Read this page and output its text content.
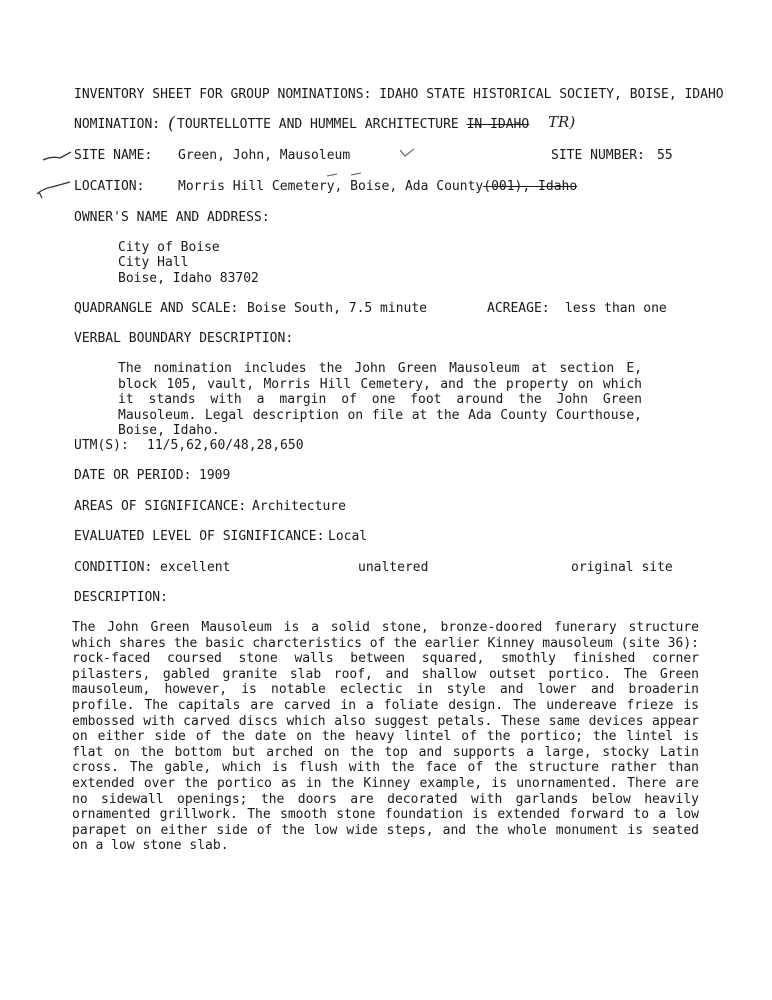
INVENTORY SHEET FOR GROUP NOMINATIONS: IDAHO STATE HISTORICAL SOCIETY, BOISE, IDAHO
NOMINATION: ( TOURTELLOTTE AND HUMMEL ARCHITECTURE IN IDAHO TR)
SITE NAME: Green, John, Mausoleum	SITE NUMBER: 55
LOCATION:	Morris Hill Cemetery, Boise, Ada County(001), Idaho
OWNER'S NAME AND ADDRESS:
City of Boise
City Hall
Boise, Idaho 83702
QUADRANGLE AND SCALE: Boise South, 7.5 minute	ACREAGE: less than one
VERBAL BOUNDARY DESCRIPTION:
The nomination includes the John Green Mausoleum at section E, block 105, vault, Morris Hill Cemetery, and the property on which it stands with a margin of one foot around the John Green Mausoleum. Legal description on file at the Ada County Courthouse, Boise, Idaho.
UTM(S): 11/5,62,60/48,28,650
DATE OR PERIOD: 1909
AREAS OF SIGNIFICANCE: Architecture
EVALUATED LEVEL OF SIGNIFICANCE: Local
CONDITION: excellent	unaltered	original site
DESCRIPTION:
The John Green Mausoleum is a solid stone, bronze-doored funerary structure which shares the basic charcteristics of the earlier Kinney mausoleum (site 36): rock-faced coursed stone walls between squared, smothly finished corner pilasters, gabled granite slab roof, and shallow outset portico. The Green mausoleum, however, is notable eclectic in style and lower and broaderin profile. The capitals are carved in a foliate design. The undereave frieze is embossed with carved discs which also suggest petals. These same devices appear on either side of the date on the heavy lintel of the portico; the lintel is flat on the bottom but arched on the top and supports a large, stocky Latin cross. The gable, which is flush with the face of the structure rather than extended over the portico as in the Kinney example, is unornamented. There are no sidewall openings; the doors are decorated with garlands below heavily ornamented grillwork. The smooth stone foundation is extended forward to a low parapet on either side of the low wide steps, and the whole monument is seated on a low stone slab.
